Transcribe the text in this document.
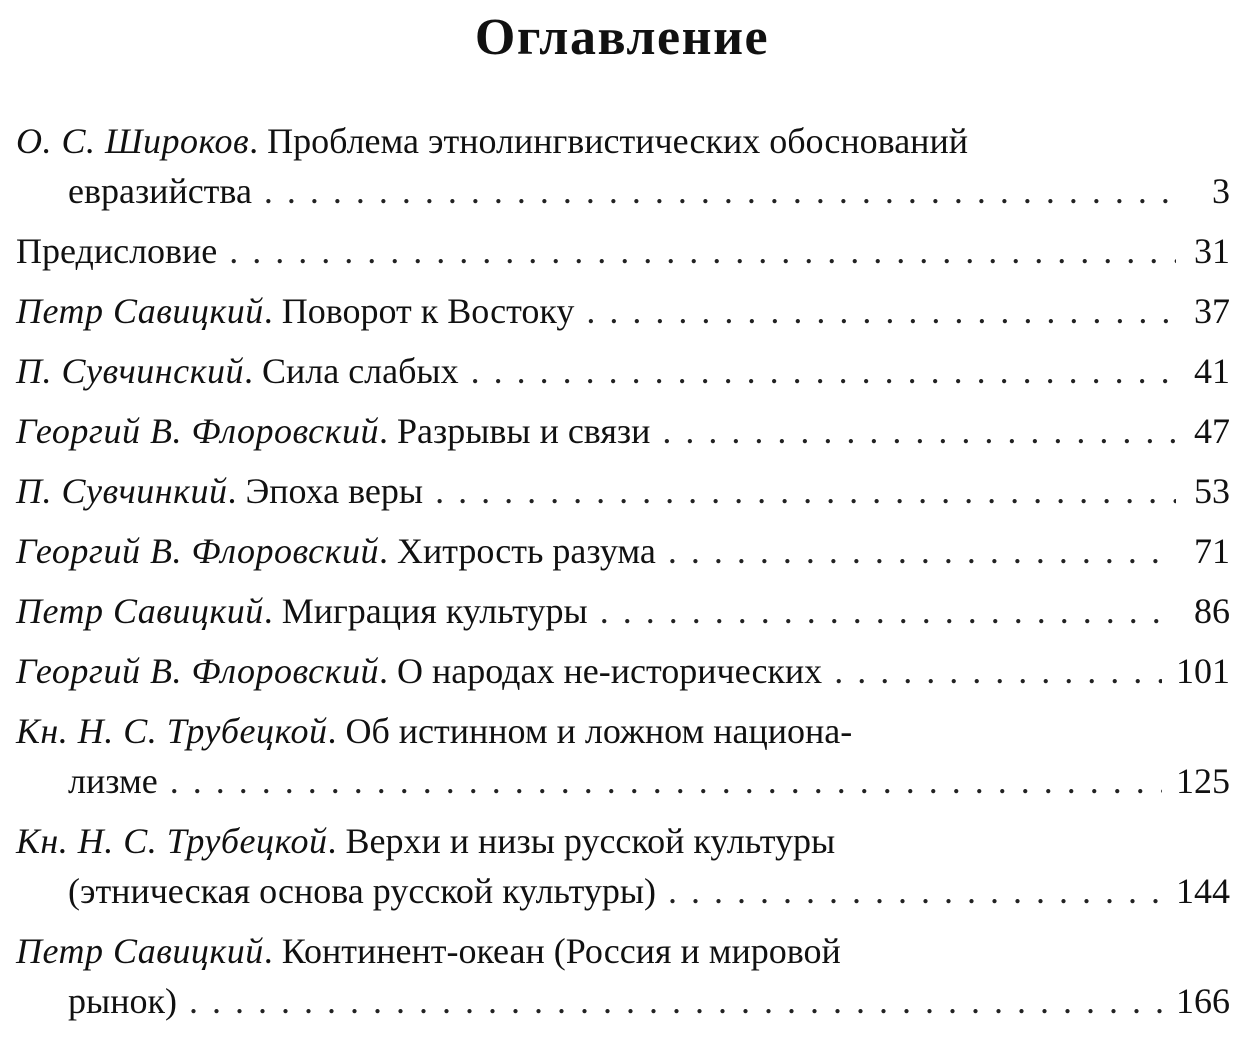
Оглавление
О. С. Широков. Проблема этнолингвистических обоснований
евразийства .....	3
Предисловие .....	31
Петр Савицкий. Поворот к Востоку .....	37
П. Сувчинский. Сила слабых .....	41
Георгий В. Флоровский. Разрывы и связи .....	47
П. Сувчинкий. Эпоха веры .....	53
Георгий В. Флоровский. Хитрость разума .....	71
Петр Савицкий. Миграция культуры .....	86
Георгий В. Флоровский. О народах не-исторических .....	101
Кн. Н. С. Трубецкой. Об истинном и ложном национа-
лизме .....	125
Кн. Н. С. Трубецкой. Верхи и низы русской культуры
(этническая основа русской культуры) .....	144
Петр Савицкий. Континент-океан (Россия и мировой
рынок) .....	166
